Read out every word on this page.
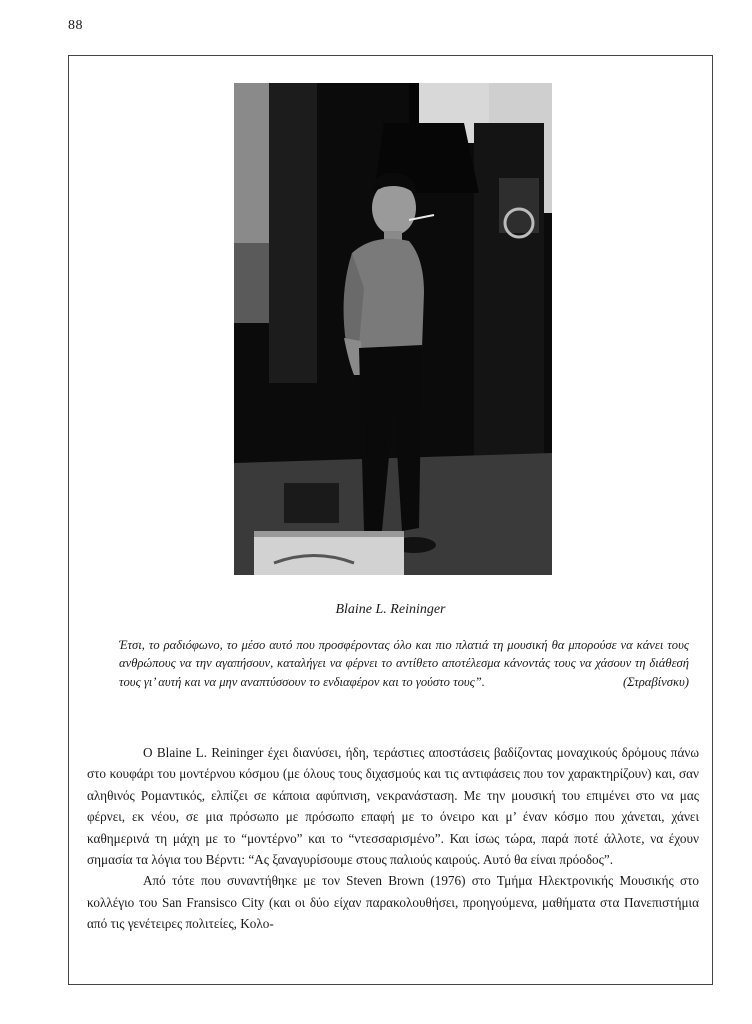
88
Blaine L. Reininger
Έτσι, το ραδιόφωνο, το μέσο αυτό που προσφέροντας όλο και πιο πλατιά τη μουσική θα μπορούσε να κάνει τους ανθρώπους να την αγαπήσουν, καταλήγει να φέρνει το αντίθετο αποτέλεσμα κάνοντάς τους να χάσουν τη διάθεσή τους γι’ αυτή και να μην αναπτύσσουν το ενδιαφέρον και το γούστο τους”.	(Στραβίνσκυ)

Ο Blaine L. Reininger έχει διανύσει, ήδη, τεράστιες αποστάσεις βαδίζοντας μοναχικούς δρόμους πάνω στο κουφάρι του μοντέρνου κόσμου (με όλους τους διχασμούς και τις αντιφάσεις που τον χαρακτηρίζουν) και, σαν αληθινός Ρομαντικός, ελπίζει σε κάποια αφύπνιση, νεκρανάσταση. Με την μουσική του επιμένει στο να μας φέρνει, εκ νέου, σε μια πρόσωπο με πρόσωπο επαφή με το όνειρο και μ’ έναν κόσμο που χάνεται, χάνει καθημερινά τη μάχη με το “μοντέρνο” και το “ντεσσαρισμένο”. Και ίσως τώρα, παρά ποτέ άλλοτε, να έχουν σημασία τα λόγια του Βέρντι: “Ας ξαναγυρίσουμε στους παλιούς καιρούς. Αυτό θα είναι πρόοδος”.

Από τότε που συναντήθηκε με τον Steven Brown (1976) στο Τμήμα Ηλεκτρονικής Μουσικής στο κολλέγιο του San Fransisco City (και οι δύο είχαν παρακολουθήσει, προηγούμενα, μαθήματα στα Πανεπιστήμια από τις γενέτειρες πολιτείες, Κολο-
